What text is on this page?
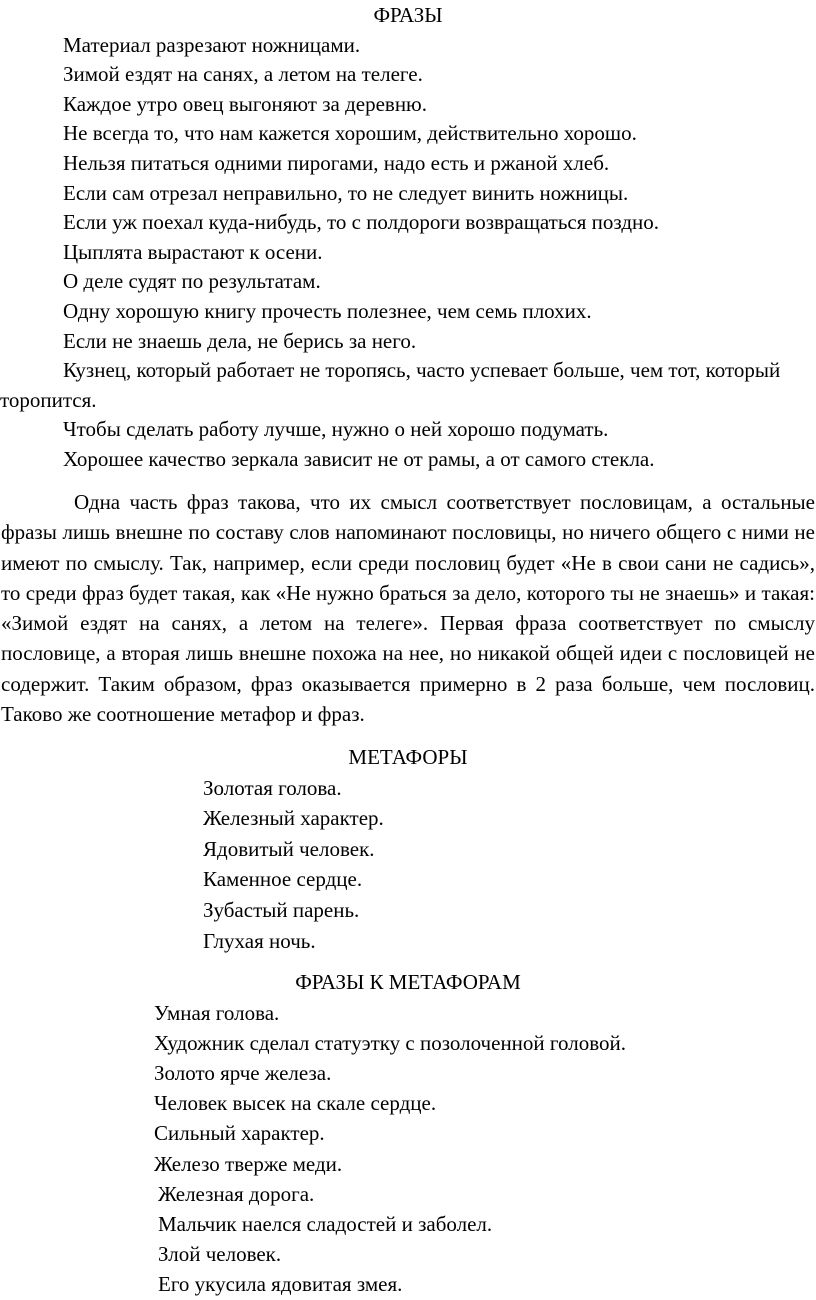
ФРАЗЫ
Материал разрезают ножницами.
Зимой ездят на санях, а летом на телеге.
Каждое утро овец выгоняют за деревню.
Не всегда то, что нам кажется хорошим, действительно хорошо.
Нельзя питаться одними пирогами, надо есть и ржаной хлеб.
Если сам отрезал неправильно, то не следует винить ножницы.
Если уж поехал куда-нибудь, то с полдороги возвращаться поздно.
Цыплята вырастают к осени.
О деле судят по результатам.
Одну хорошую книгу прочесть полезнее, чем семь плохих.
Если не знаешь дела, не берись за него.
Кузнец, который работает не торопясь, часто успевает больше, чем тот, который торопится.
Чтобы сделать работу лучше, нужно о ней хорошо подумать.
Хорошее качество зеркала зависит не от рамы, а от самого стекла.

Одна часть фраз такова, что их смысл соответствует пословицам, а остальные фразы лишь внешне по составу слов напоминают пословицы, но ничего общего с ними не имеют по смыслу. Так, например, если среди пословиц будет «Не в свои сани не садись», то среди фраз будет такая, как «Не нужно браться за дело, которого ты не знаешь» и такая: «Зимой ездят на санях, а летом на телеге». Первая фраза соответствует по смыслу пословице, а вторая лишь внешне похожа на нее, но никакой общей идеи с пословицей не содержит. Таким образом, фраз оказывается примерно в 2 раза больше, чем пословиц. Таково же соотношение метафор и фраз.

МЕТАФОРЫ
Золотая голова.
Железный характер.
Ядовитый человек.
Каменное сердце.
Зубастый парень.
Глухая ночь.
ФРАЗЫ К МЕТАФОРАМ
Умная голова.
Художник сделал статуэтку с позолоченной головой.
Золото ярче железа.
Человек высек на скале сердце.
Сильный характер.
Железо тверже меди.
Железная дорога.
Мальчик наелся сладостей и заболел.
Злой человек.
Его укусила ядовитая змея.
